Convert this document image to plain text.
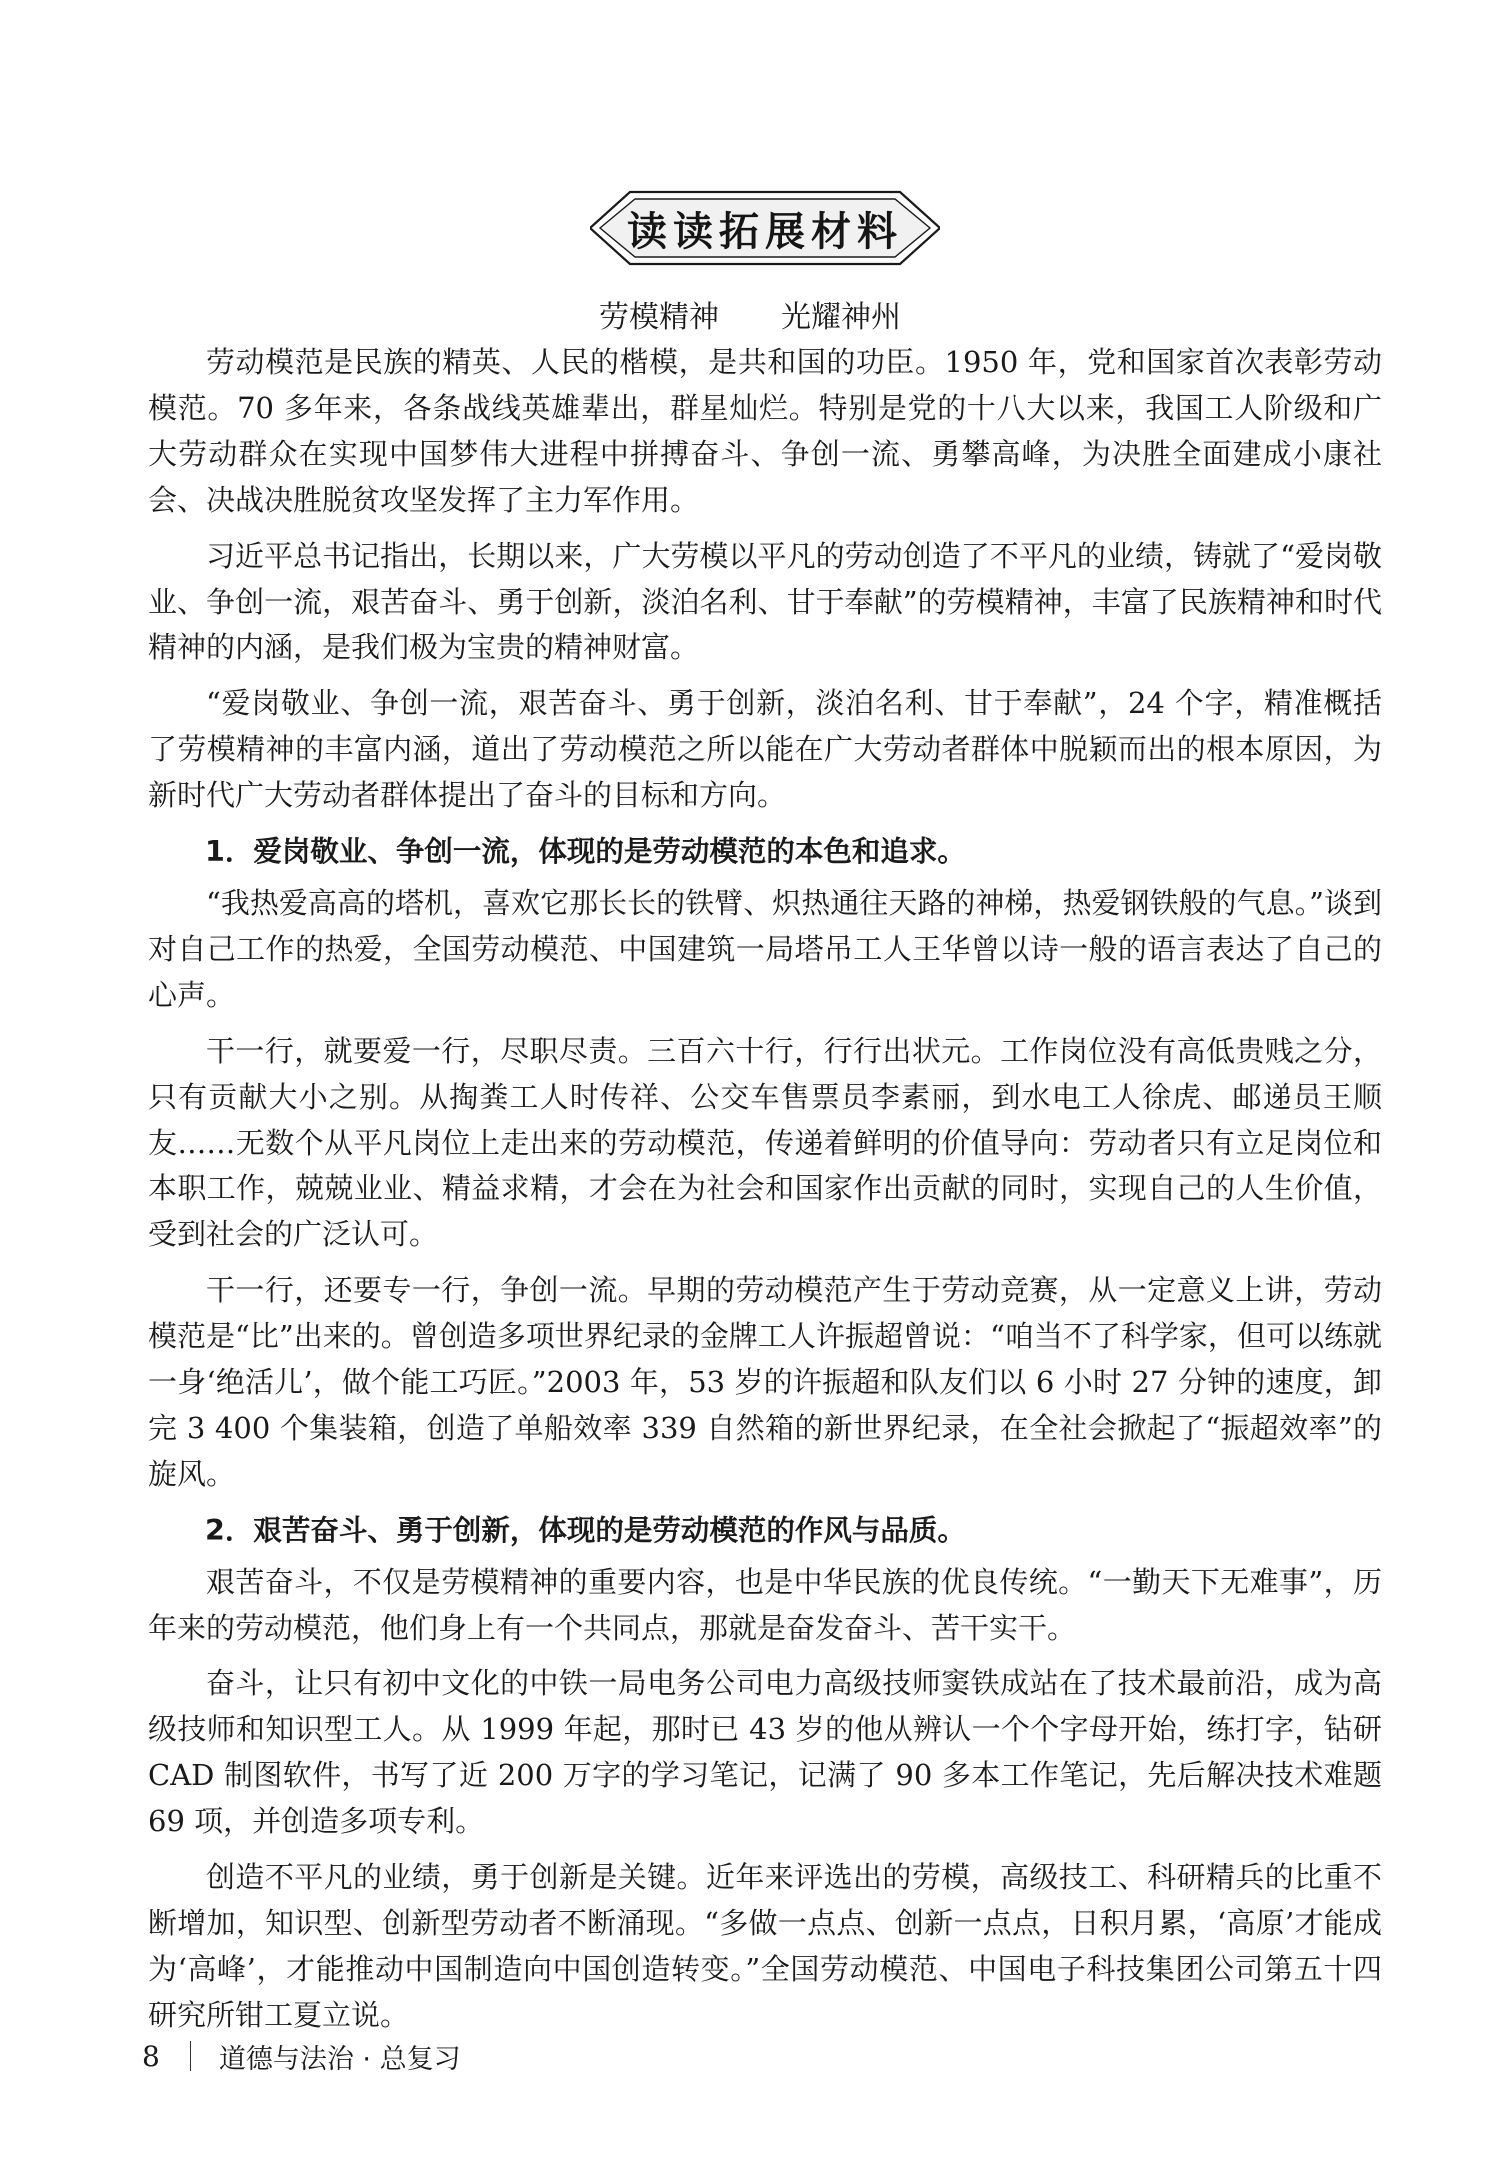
读读拓展材料
劳模精神 光耀神州

劳动模范是民族的精英、人民的楷模，是共和国的功臣。1950 年，党和国家首次表彰劳动模范。70 多年来，各条战线英雄辈出，群星灿烂。特别是党的十八大以来，我国工人阶级和广大劳动群众在实现中国梦伟大进程中拼搏奋斗、争创一流、勇攀高峰，为决胜全面建成小康社会、决战决胜脱贫攻坚发挥了主力军作用。

习近平总书记指出，长期以来，广大劳模以平凡的劳动创造了不平凡的业绩，铸就了“爱岗敬业、争创一流，艰苦奋斗、勇于创新，淡泊名利、甘于奉献”的劳模精神，丰富了民族精神和时代精神的内涵，是我们极为宝贵的精神财富。

“爱岗敬业、争创一流，艰苦奋斗、勇于创新，淡泊名利、甘于奉献”，24 个字，精准概括了劳模精神的丰富内涵，道出了劳动模范之所以能在广大劳动者群体中脱颖而出的根本原因，为新时代广大劳动者群体提出了奋斗的目标和方向。

1．爱岗敬业、争创一流，体现的是劳动模范的本色和追求。

“我热爱高高的塔机，喜欢它那长长的铁臂、炽热通往天路的神梯，热爱钢铁般的气息。”谈到对自己工作的热爱，全国劳动模范、中国建筑一局塔吊工人王华曾以诗一般的语言表达了自己的心声。

干一行，就要爱一行，尽职尽责。三百六十行，行行出状元。工作岗位没有高低贵贱之分，只有贡献大小之别。从掏粪工人时传祥、公交车售票员李素丽，到水电工人徐虎、邮递员王顺友……无数个从平凡岗位上走出来的劳动模范，传递着鲜明的价值导向：劳动者只有立足岗位和本职工作，兢兢业业、精益求精，才会在为社会和国家作出贡献的同时，实现自己的人生价值，受到社会的广泛认可。

干一行，还要专一行，争创一流。早期的劳动模范产生于劳动竞赛，从一定意义上讲，劳动模范是“比”出来的。曾创造多项世界纪录的金牌工人许振超曾说：“咱当不了科学家，但可以练就一身‘绝活儿’，做个能工巧匠。”2003 年，53 岁的许振超和队友们以 6 小时 27 分钟的速度，卸完 3 400 个集装箱，创造了单船效率 339 自然箱的新世界纪录，在全社会掀起了“振超效率”的旋风。

2．艰苦奋斗、勇于创新，体现的是劳动模范的作风与品质。

艰苦奋斗，不仅是劳模精神的重要内容，也是中华民族的优良传统。“一勤天下无难事”，历年来的劳动模范，他们身上有一个共同点，那就是奋发奋斗、苦干实干。

奋斗，让只有初中文化的中铁一局电务公司电力高级技师窦铁成站在了技术最前沿，成为高级技师和知识型工人。从 1999 年起，那时已 43 岁的他从辨认一个个字母开始，练打字，钻研 CAD 制图软件，书写了近 200 万字的学习笔记，记满了 90 多本工作笔记，先后解决技术难题 69 项，并创造多项专利。

创造不平凡的业绩，勇于创新是关键。近年来评选出的劳模，高级技工、科研精兵的比重不断增加，知识型、创新型劳动者不断涌现。“多做一点点、创新一点点，日积月累，‘高原’才能成为‘高峰’，才能推动中国制造向中国创造转变。”全国劳动模范、中国电子科技集团公司第五十四研究所钳工夏立说。

8 道德与法治 · 总复习
